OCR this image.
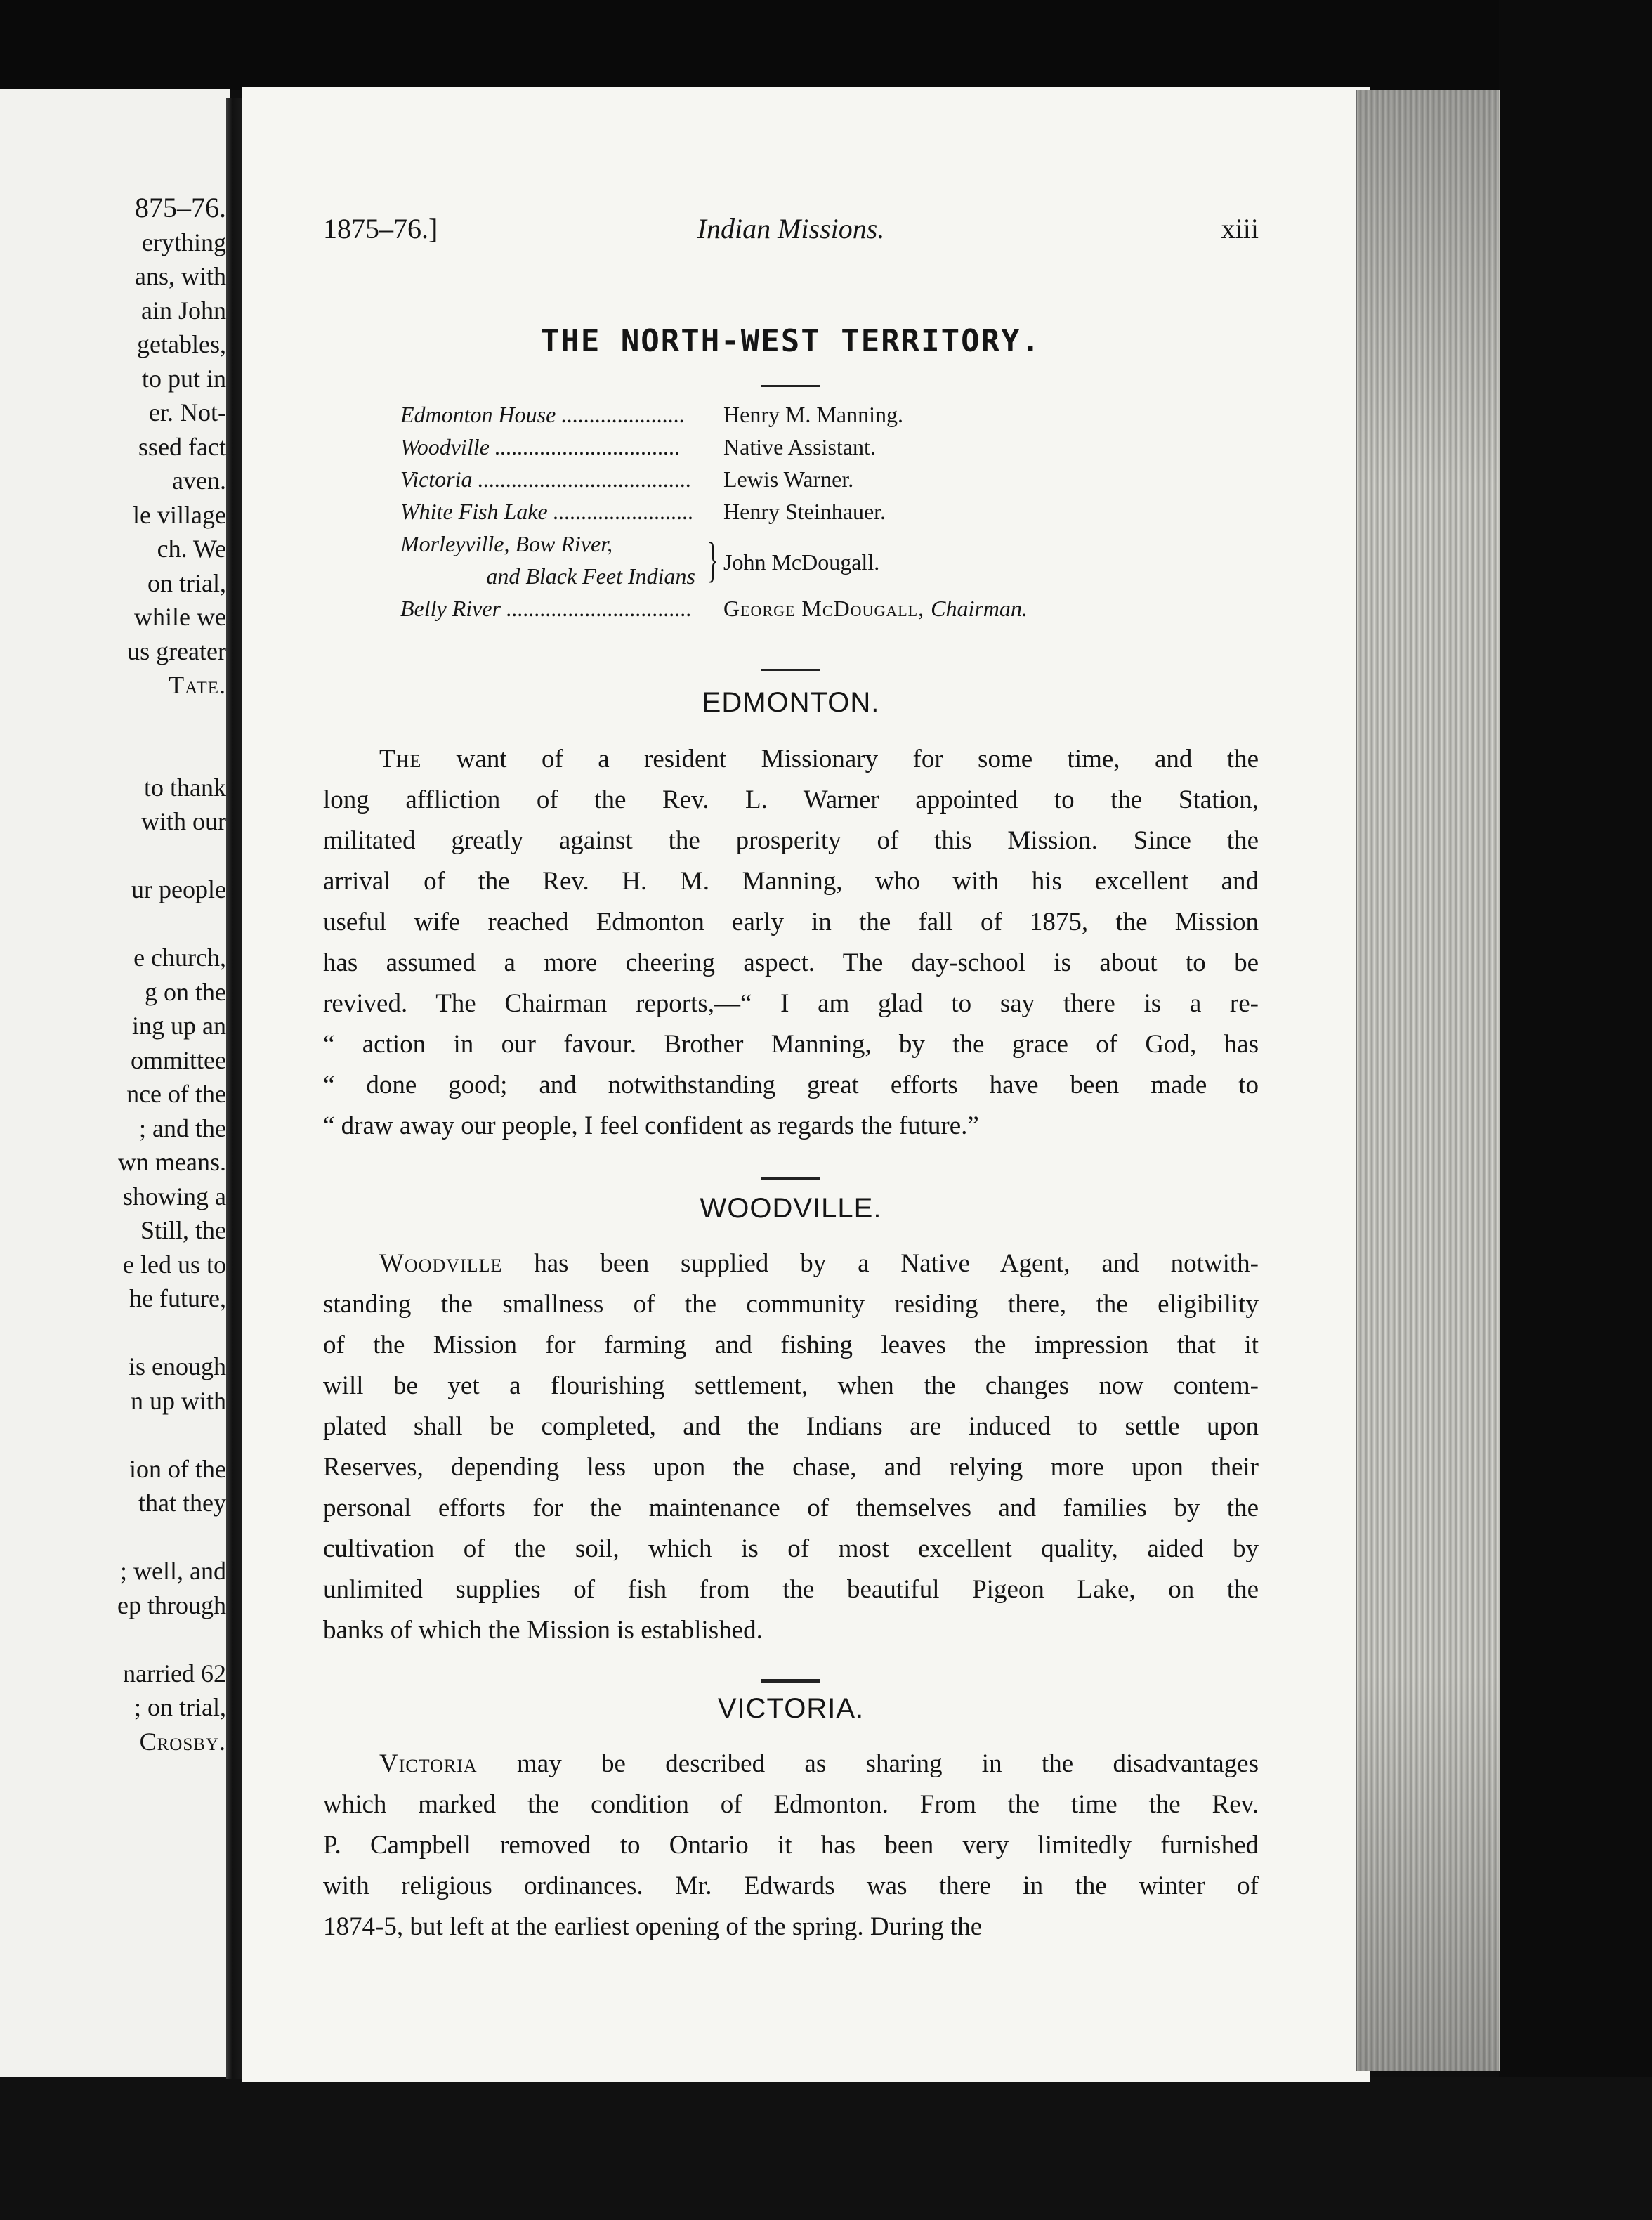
875–76.
erything
ans, with
ain John
getables,
to put in
er. Not-
ssed fact
aven.
le village
ch. We
on trial,
while we
us greater
Tate.
to thank
with our
ur people
e church,
g on the
ing up an
ommittee
nce of the
; and the
wn means.
showing a
Still, the
e led us to
he future,
is enough
n up with
ion of the
that they
; well, and
ep through
narried 62
; on trial,
Crosby.
1875–76.]	Indian Missions.	xiii
THE NORTH-WEST TERRITORY.
Edmonton House ......................	Henry M. Manning.
Woodville .................................	Native Assistant.
Victoria ......................................	Lewis Warner.
White Fish Lake .........................	Henry Steinhauer.
Morleyville, Bow River,
and Black Feet Indians } John McDougall.
Belly River .................................	George McDougall, Chairman.
EDMONTON.
The want of a resident Missionary for some time, and the
long affliction of the Rev. L. Warner appointed to the Station,
militated greatly against the prosperity of this Mission. Since the
arrival of the Rev. H. M. Manning, who with his excellent and
useful wife reached Edmonton early in the fall of 1875, the Mission
has assumed a more cheering aspect. The day-school is about to be
revived. The Chairman reports,—“ I am glad to say there is a re-
“ action in our favour. Brother Manning, by the grace of God, has
“ done good; and notwithstanding great efforts have been made to
“ draw away our people, I feel confident as regards the future.”
WOODVILLE.
Woodville has been supplied by a Native Agent, and notwith-
standing the smallness of the community residing there, the eligibility
of the Mission for farming and fishing leaves the impression that it
will be yet a flourishing settlement, when the changes now contem-
plated shall be completed, and the Indians are induced to settle upon
Reserves, depending less upon the chase, and relying more upon their
personal efforts for the maintenance of themselves and families by the
cultivation of the soil, which is of most excellent quality, aided by
unlimited supplies of fish from the beautiful Pigeon Lake, on the
banks of which the Mission is established.
VICTORIA.
Victoria may be described as sharing in the disadvantages
which marked the condition of Edmonton. From the time the Rev.
P. Campbell removed to Ontario it has been very limitedly furnished
with religious ordinances. Mr. Edwards was there in the winter of
1874-5, but left at the earliest opening of the spring. During the
